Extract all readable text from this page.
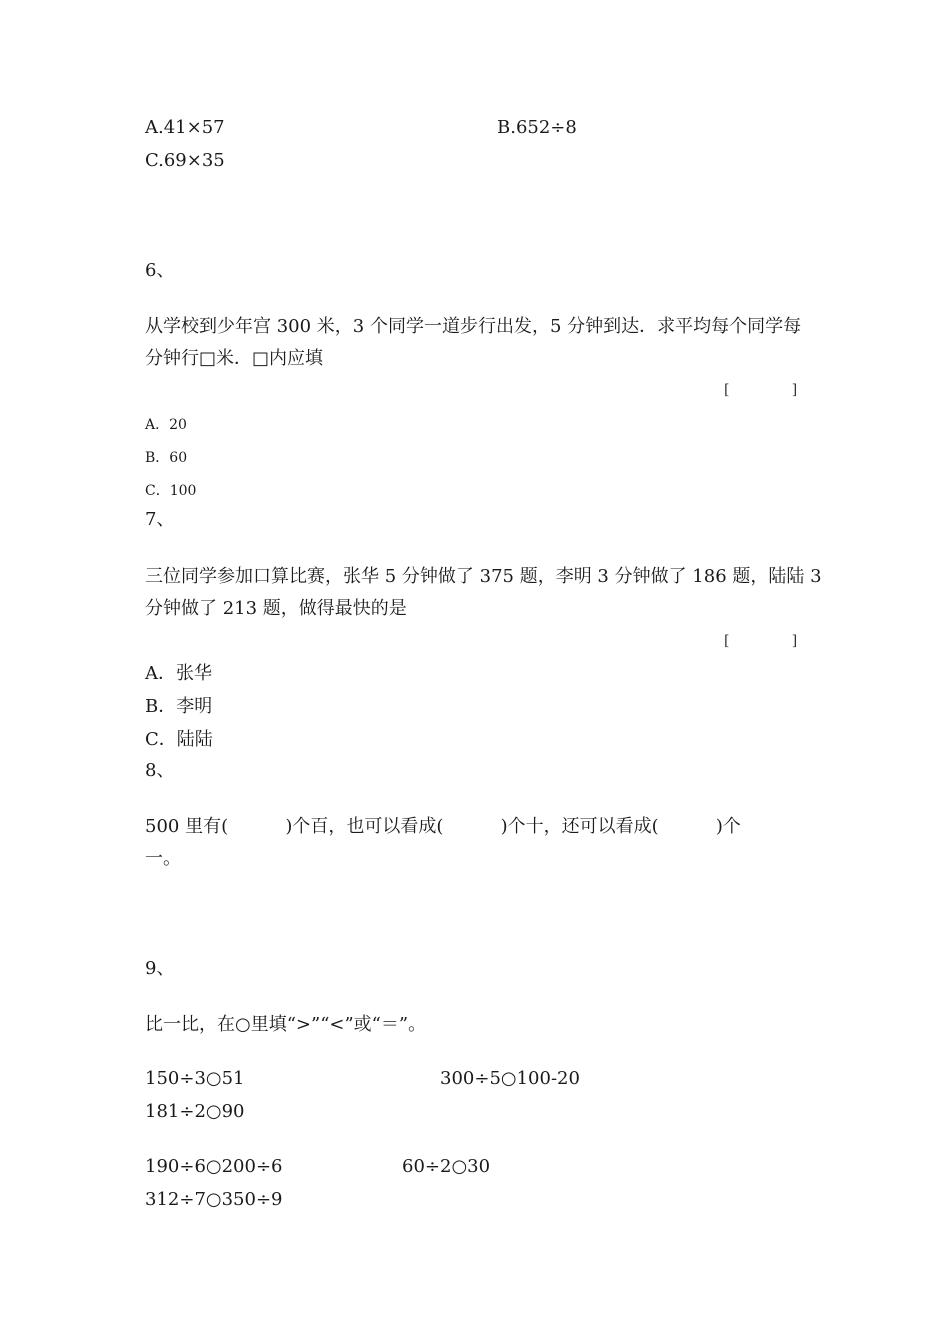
A.41×57	B.652÷8
C.69×35
6、
从学校到少年宫 300 米，3 个同学一道步行出发，5 分钟到达．求平均每个同学每
分钟行□米．□内应填
[              ]
A．20
B．60
C．100
7、
三位同学参加口算比赛，张华 5 分钟做了 375 题，李明 3 分钟做了 186 题，陆陆 3
分钟做了 213 题，做得最快的是
[              ]
A．张华
B．李明
C．陆陆
8、
500 里有(          )个百，也可以看成(          )个十，还可以看成(          )个
一。
9、
比一比，在○里填“>”“<”或“＝”。
150÷3○51	300÷5○100-20
181÷2○90
190÷6○200÷6	60÷2○30
312÷7○350÷9
